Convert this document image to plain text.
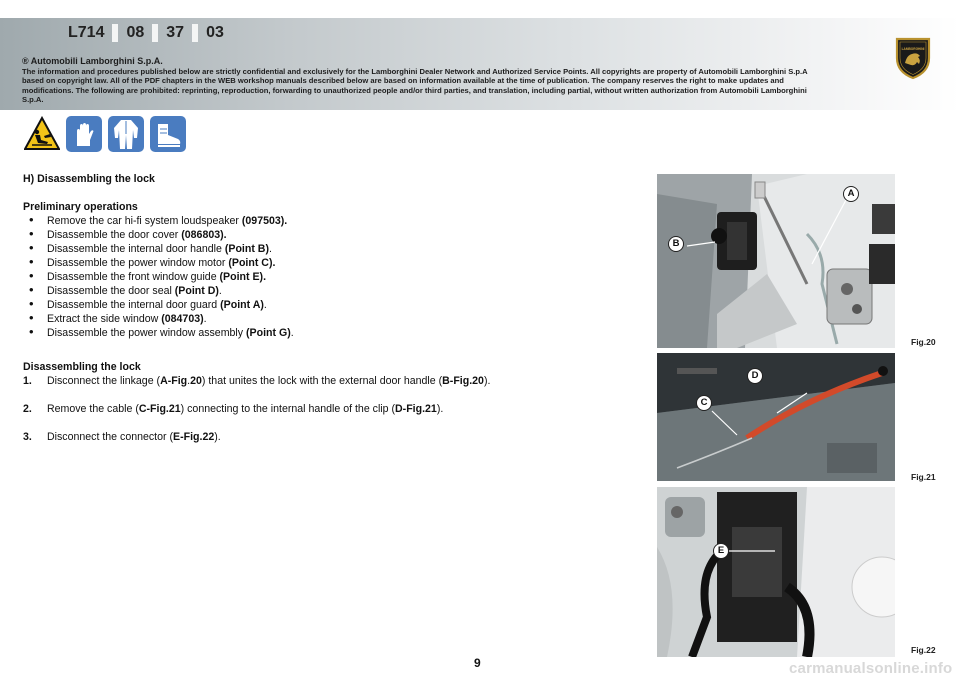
L714	08	37	03
® Automobili Lamborghini S.p.A.
The information and procedures published below are strictly confidential and exclusively for the Lamborghini Dealer Network and Authorized Service Points. All copyrights are property of Automobili Lamborghini S.p.A based on copyright law. All of the PDF chapters in the WEB workshop manuals described below are based on information available at the time of publication. The company reserves the right to make updates and modifications. The following are prohibited: reprinting, reproduction, forwarding to unauthorized people and/or third parties, and translation, including partial, without written authorization from Automobili Lamborghini S.p.A.
LAMBORGHINI
H) Disassembling the lock
Preliminary operations
• Remove the car hi-fi system loudspeaker (097503).
• Disassemble the door cover (086803).
• Disassemble the internal door handle (Point B).
• Disassemble the power window motor (Point C).
• Disassemble the front window guide (Point E).
• Disassemble the door seal (Point D).
• Disassemble the internal door guard (Point A).
• Extract the side window (084703).
• Disassemble the power window assembly (Point G).
Disassembling the lock
1. Disconnect the linkage (A-Fig.20) that unites the lock with the external door handle (B-Fig.20).
2. Remove the cable (C-Fig.21) connecting to the internal handle of the clip (D-Fig.21).
3. Disconnect the connector (E-Fig.22).
A
B
Fig.20
D
C
Fig.21
E
Fig.22
9	carmanualsonline.info
